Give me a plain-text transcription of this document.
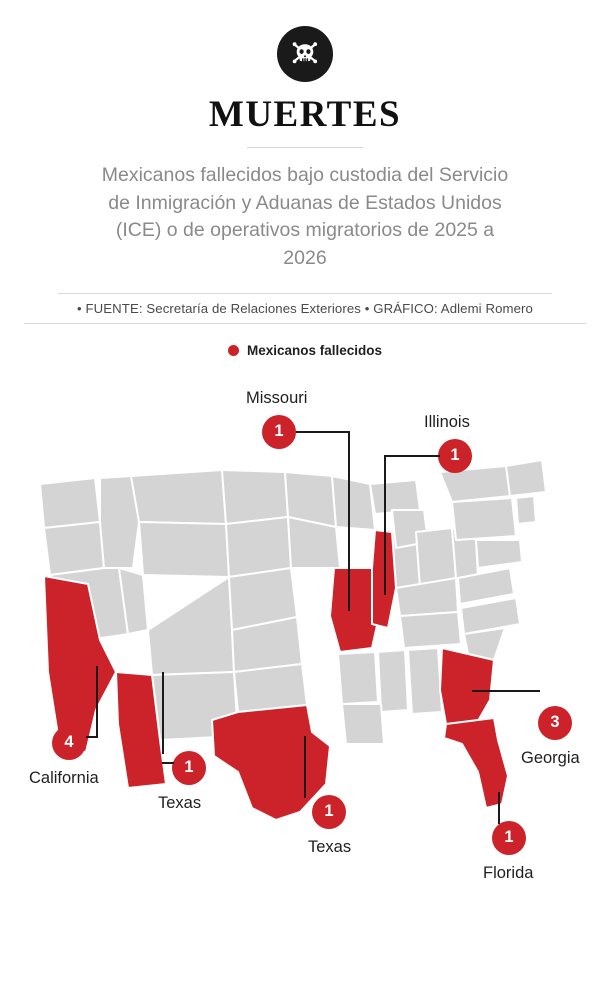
MUERTES

Mexicanos fallecidos bajo custodia del Servicio de Inmigración y Aduanas de Estados Unidos (ICE) o de operativos migratorios de 2025 a 2026

• FUENTE: Secretaría de Relaciones Exteriores • GRÁFICO: Adlemi Romero
Mexicanos fallecidos
Missouri
1
Illinois
1
4
California
1
Texas	1
Texas
3
Georgia
1
Florida
